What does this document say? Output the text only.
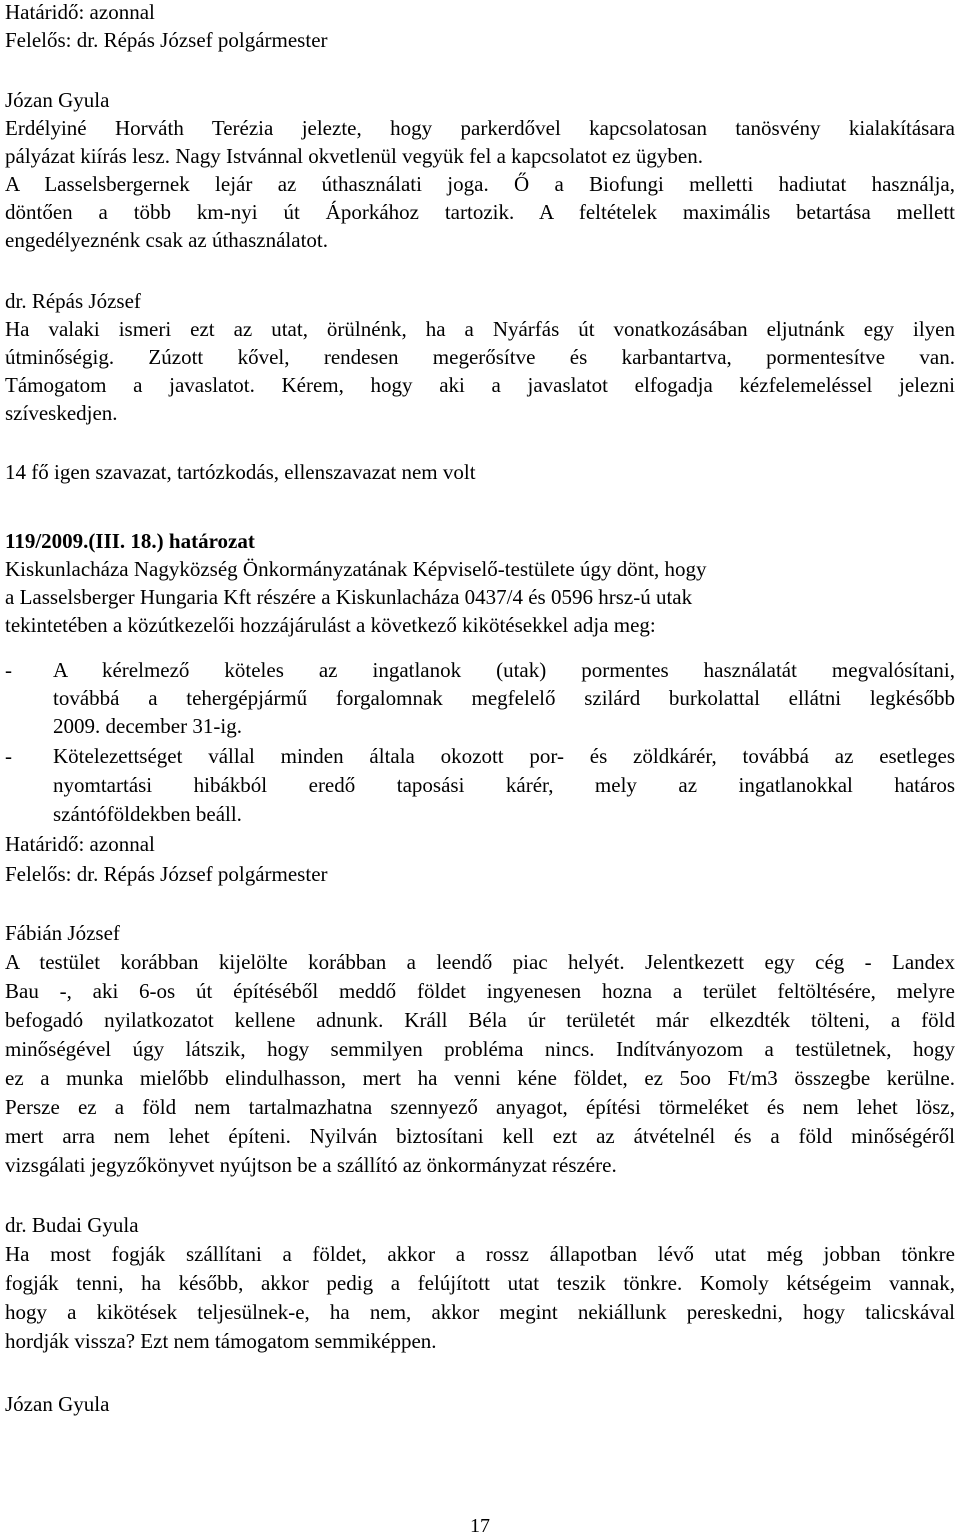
Határidő: azonnal
Felelős: dr. Répás József polgármester
Józan Gyula
Erdélyiné Horváth Terézia jelezte, hogy parkerdővel kapcsolatosan tanösvény kialakításara
pályázat kiírás lesz. Nagy Istvánnal okvetlenül vegyük fel a kapcsolatot ez ügyben.
A Lasselsbergernek lejár az úthasználati joga. Ő a Biofungi melletti hadiutat használja,
döntően a több km-nyi út Áporkához tartozik. A feltételek maximális betartása mellett
engedélyeznénk csak az úthasználatot.
dr. Répás József
Ha valaki ismeri ezt az utat, örülnénk, ha a Nyárfás út vonatkozásában eljutnánk egy ilyen
útminőségig. Zúzott kővel, rendesen megerősítve és karbantartva, pormentesítve van.
Támogatom a javaslatot. Kérem, hogy aki a javaslatot elfogadja kézfelemeléssel jelezni
szíveskedjen.
14 fő igen szavazat, tartózkodás, ellenszavazat nem volt
119/2009.(III. 18.) határozat
Kiskunlacháza Nagyközség Önkormányzatának Képviselő-testülete úgy dönt, hogy
a Lasselsberger Hungaria Kft részére a Kiskunlacháza 0437/4 és 0596 hrsz-ú utak
tekintetében a közútkezelői hozzájárulást a következő kikötésekkel adja meg:
- A kérelmező köteles az ingatlanok (utak) pormentes használatát megvalósítani,
továbbá a tehergépjármű forgalomnak megfelelő szilárd burkolattal ellátni legkésőbb
2009. december 31-ig.
- Kötelezettséget vállal minden általa okozott por- és zöldkárér, továbbá az esetleges
nyomtartási hibákból eredő taposási kárér, mely az ingatlanokkal határos
szántóföldekben beáll.
Határidő: azonnal
Felelős: dr. Répás József polgármester
Fábián József
A testület korábban kijelölte korábban a leendő piac helyét. Jelentkezett egy cég - Landex
Bau -, aki 6-os út építéséből meddő földet ingyenesen hozna a terület feltöltésére, melyre
befogadó nyilatkozatot kellene adnunk. Králl Béla úr területét már elkezdték tölteni, a föld
minőségével úgy látszik, hogy semmilyen probléma nincs. Indítványozom a testületnek, hogy
ez a munka mielőbb elindulhasson, mert ha venni kéne földet, ez 5oo Ft/m3 összegbe kerülne.
Persze ez a föld nem tartalmazhatna szennyező anyagot, építési törmeléket és nem lehet lösz,
mert arra nem lehet építeni. Nyilván biztosítani kell ezt az átvételnél és a föld minőségéről
vizsgálati jegyzőkönyvet nyújtson be a szállító az önkormányzat részére.
dr. Budai Gyula
Ha most fogják szállítani a földet, akkor a rossz állapotban lévő utat még jobban tönkre
fogják tenni, ha később, akkor pedig a felújított utat teszik tönkre. Komoly kétségeim vannak,
hogy a kikötések teljesülnek-e, ha nem, akkor megint nekiállunk pereskedni, hogy talicskával
hordják vissza? Ezt nem támogatom semmiképpen.
Józan Gyula
17
